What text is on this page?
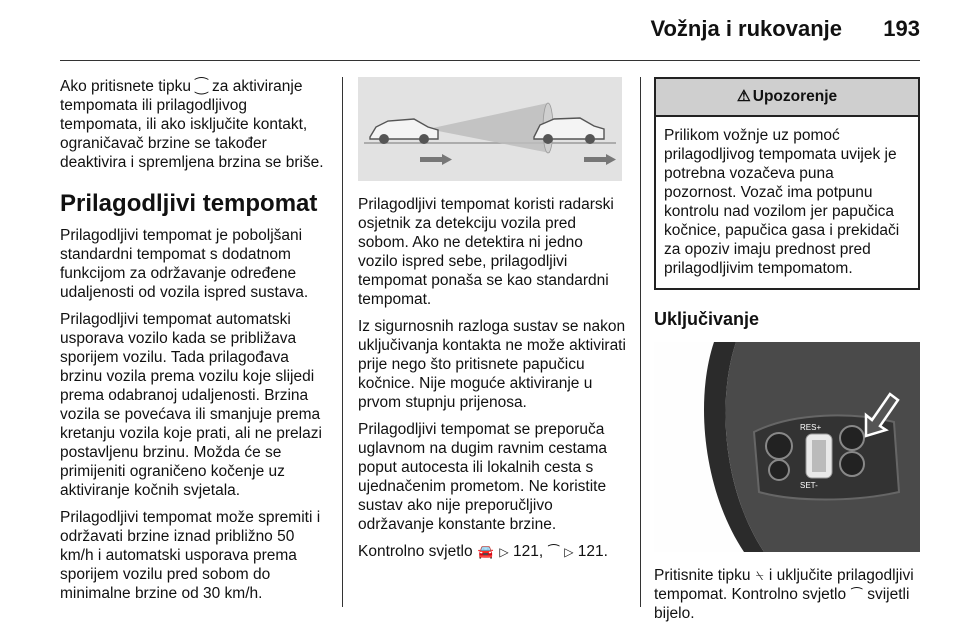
Vožnja i rukovanje 193

Ako pritisnete tipku ⁐ za aktiviranje tempomata ili prilagodljivog tempomata, ili ako isključite kontakt, ograničavač brzine se također deaktivira i spremljena brzina se briše.

Prilagodljivi tempomat

Prilagodljivi tempomat je poboljšani standardni tempomat s dodatnom funkcijom za održavanje određene udaljenosti od vozila ispred sustava.

Prilagodljivi tempomat automatski usporava vozilo kada se približava sporijem vozilu. Tada prilagođava brzinu vozila prema vozilu koje slijedi prema odabranoj udaljenosti. Brzina vozila se povećava ili smanjuje prema kretanju vozila koje prati, ali ne prelazi postavljenu brzinu. Možda će se primijeniti ograničeno kočenje uz aktiviranje kočnih svjetala.

Prilagodljivi tempomat može spremiti i održavati brzine iznad približno 50 km/h i automatski usporava prema sporijem vozilu pred sobom do minimalne brzine od 30 km/h.

Prilagodljivi tempomat koristi radarski osjetnik za detekciju vozila pred sobom. Ako ne detektira ni jedno vozilo ispred sebe, prilagodljivi tempomat ponaša se kao standardni tempomat.

Iz sigurnosnih razloga sustav se nakon uključivanja kontakta ne može aktivirati prije nego što pritisnete papučicu kočnice. Nije moguće aktiviranje u prvom stupnju prijenosa.

Prilagodljivi tempomat se preporuča uglavnom na dugim ravnim cestama poput autocesta ili lokalnih cesta s ujednačenim prometom. Ne koristite sustav ako nije preporučljivo održavanje konstante brzine.

Kontrolno svjetlo 🚘 ▷ 121, ⁀ ▷ 121.

⚠ Upozorenje
Prilikom vožnje uz pomoć prilagodljivog tempomata uvijek je potrebna vozačeva puna pozornost. Vozač ima potpunu kontrolu nad vozilom jer papučica kočnice, papučica gasa i prekidači za opoziv imaju prednost pred prilagodljivim tempomatom.
Uključivanje
RES+
SET-

Pritisnite tipku ⍀ i uključite prilagodljivi tempomat. Kontrolno svjetlo ⁀ svijetli bijelo.
